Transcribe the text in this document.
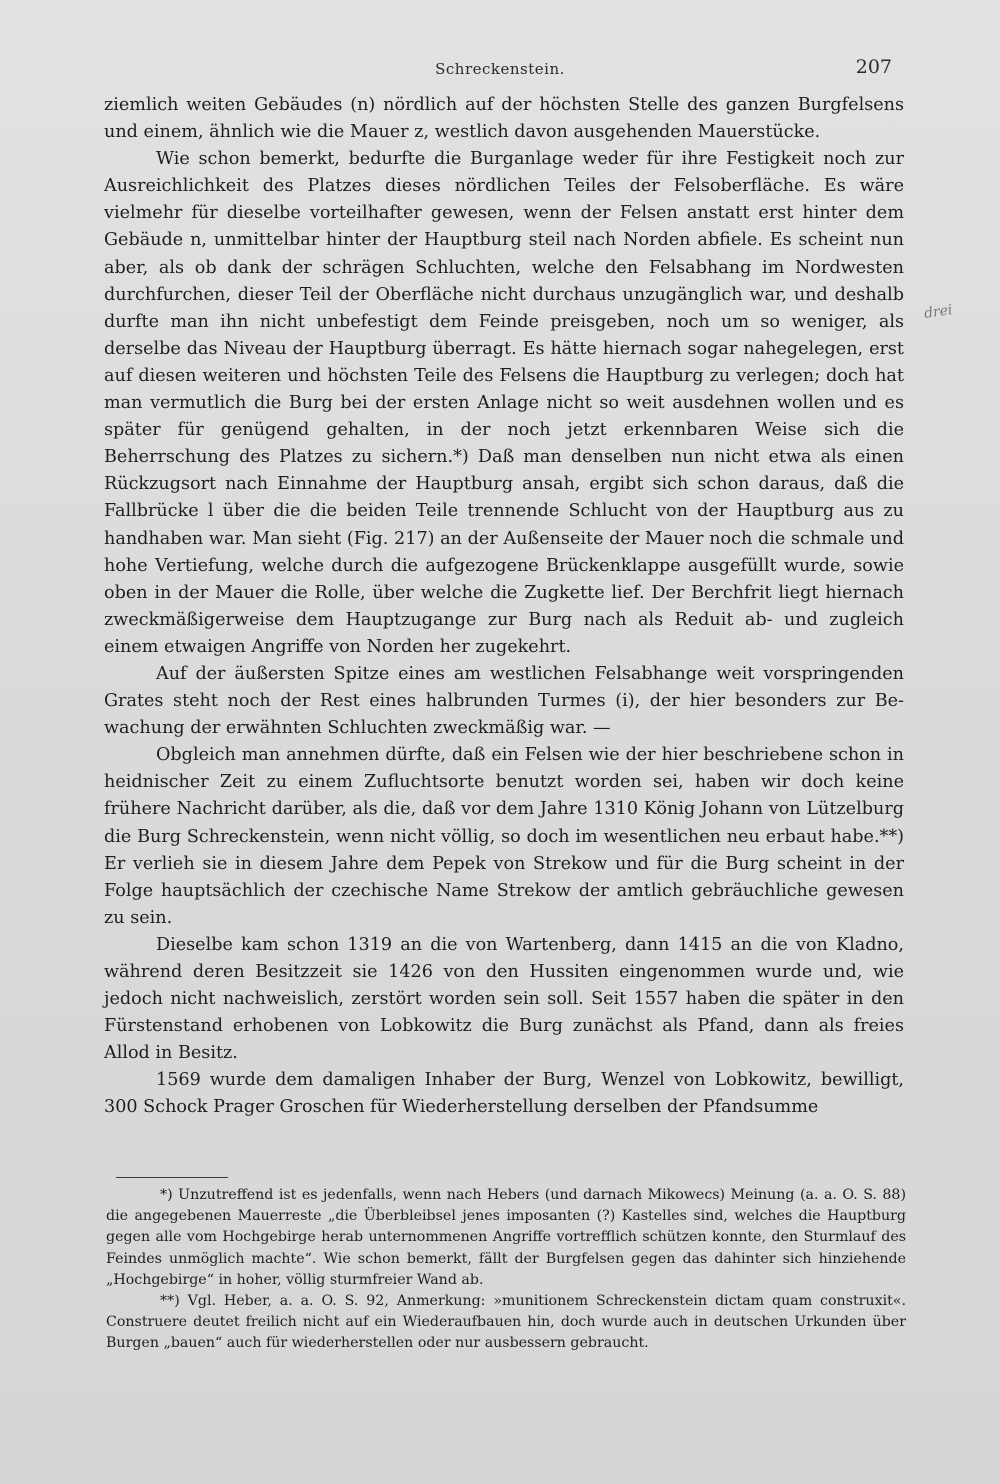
Schreckenstein.	207

ziemlich weiten Gebäudes (n) nördlich auf der höchsten Stelle des ganzen Burgfelsens und einem, ähnlich wie die Mauer z, westlich davon ausgehenden Mauerstücke.

Wie schon bemerkt, bedurfte die Burganlage weder für ihre Festigkeit noch zur Ausreichlichkeit des Platzes dieses nördlichen Teiles der Felsoberfläche. Es wäre vielmehr für dieselbe vorteilhafter gewesen, wenn der Felsen anstatt erst hinter dem Gebäude n, unmittelbar hinter der Hauptburg steil nach Norden abfiele. Es scheint nun aber, als ob dank der schrägen Schluchten, welche den Felsabhang im Nordwesten durchfurchen, dieser Teil der Oberfläche nicht durchaus unzugänglich war, und deshalb durfte man ihn nicht unbefestigt dem Feinde preisgeben, noch um so weniger, als derselbe das Niveau der Hauptburg überragt. Es hätte hiernach sogar nahegelegen, erst auf diesen weiteren und höchsten Teile des Felsens die Hauptburg zu verlegen; doch hat man vermutlich die Burg bei der ersten Anlage nicht so weit ausdehnen wollen und es später für genügend gehalten, in der noch jetzt erkennbaren Weise sich die Beherrschung des Platzes zu sichern.*) Daß man denselben nun nicht etwa als einen Rückzugsort nach Einnahme der Hauptburg ansah, ergibt sich schon daraus, daß die Fallbrücke l über die die beiden Teile trennende Schlucht von der Hauptburg aus zu handhaben war. Man sieht (Fig. 217) an der Außenseite der Mauer noch die schmale und hohe Vertiefung, welche durch die aufgezogene Brückenklappe ausgefüllt wurde, sowie oben in der Mauer die Rolle, über welche die Zugkette lief. Der Berchfrit liegt hiernach zweckmäßigerweise dem Hauptzugange zur Burg nach als Reduit ab- und zugleich einem etwaigen Angriffe von Norden her zugekehrt.

Auf der äußersten Spitze eines am westlichen Felsabhange weit vorspringenden Grates steht noch der Rest eines halbrunden Turmes (i), der hier besonders zur Bewachung der erwähnten Schluchten zweckmäßig war. —

Obgleich man annehmen dürfte, daß ein Felsen wie der hier beschriebene schon in heidnischer Zeit zu einem Zufluchtsorte benutzt worden sei, haben wir doch keine frühere Nachricht darüber, als die, daß vor dem Jahre 1310 König Johann von Lützelburg die Burg Schreckenstein, wenn nicht völlig, so doch im wesentlichen neu erbaut habe.**) Er verlieh sie in diesem Jahre dem Pepek von Strekow und für die Burg scheint in der Folge hauptsächlich der czechische Name Strekow der amtlich gebräuchliche gewesen zu sein.

Dieselbe kam schon 1319 an die von Wartenberg, dann 1415 an die von Kladno, während deren Besitzzeit sie 1426 von den Hussiten eingenommen wurde und, wie jedoch nicht nachweislich, zerstört worden sein soll. Seit 1557 haben die später in den Fürstenstand erhobenen von Lobkowitz die Burg zunächst als Pfand, dann als freies Allod in Besitz.

1569 wurde dem damaligen Inhaber der Burg, Wenzel von Lobkowitz, bewilligt, 300 Schock Prager Groschen für Wiederherstellung derselben der Pfandsumme

drei

*) Unzutreffend ist es jedenfalls, wenn nach Hebers (und darnach Mikowecs) Meinung (a. a. O. S. 88) die angegebenen Mauerreste „die Überbleibsel jenes imposanten (?) Kastelles sind, welches die Hauptburg gegen alle vom Hochgebirge herab unternommenen Angriffe vortrefflich schützen konnte, den Sturmlauf des Feindes unmöglich machte“. Wie schon bemerkt, fällt der Burgfelsen gegen das dahinter sich hinziehende „Hochgebirge“ in hoher, völlig sturmfreier Wand ab.

**) Vgl. Heber, a. a. O. S. 92, Anmerkung: »munitionem Schreckenstein dictam quam construxit«. Construere deutet freilich nicht auf ein Wiederaufbauen hin, doch wurde auch in deutschen Urkunden über Burgen „bauen“ auch für wiederherstellen oder nur ausbessern gebraucht.
